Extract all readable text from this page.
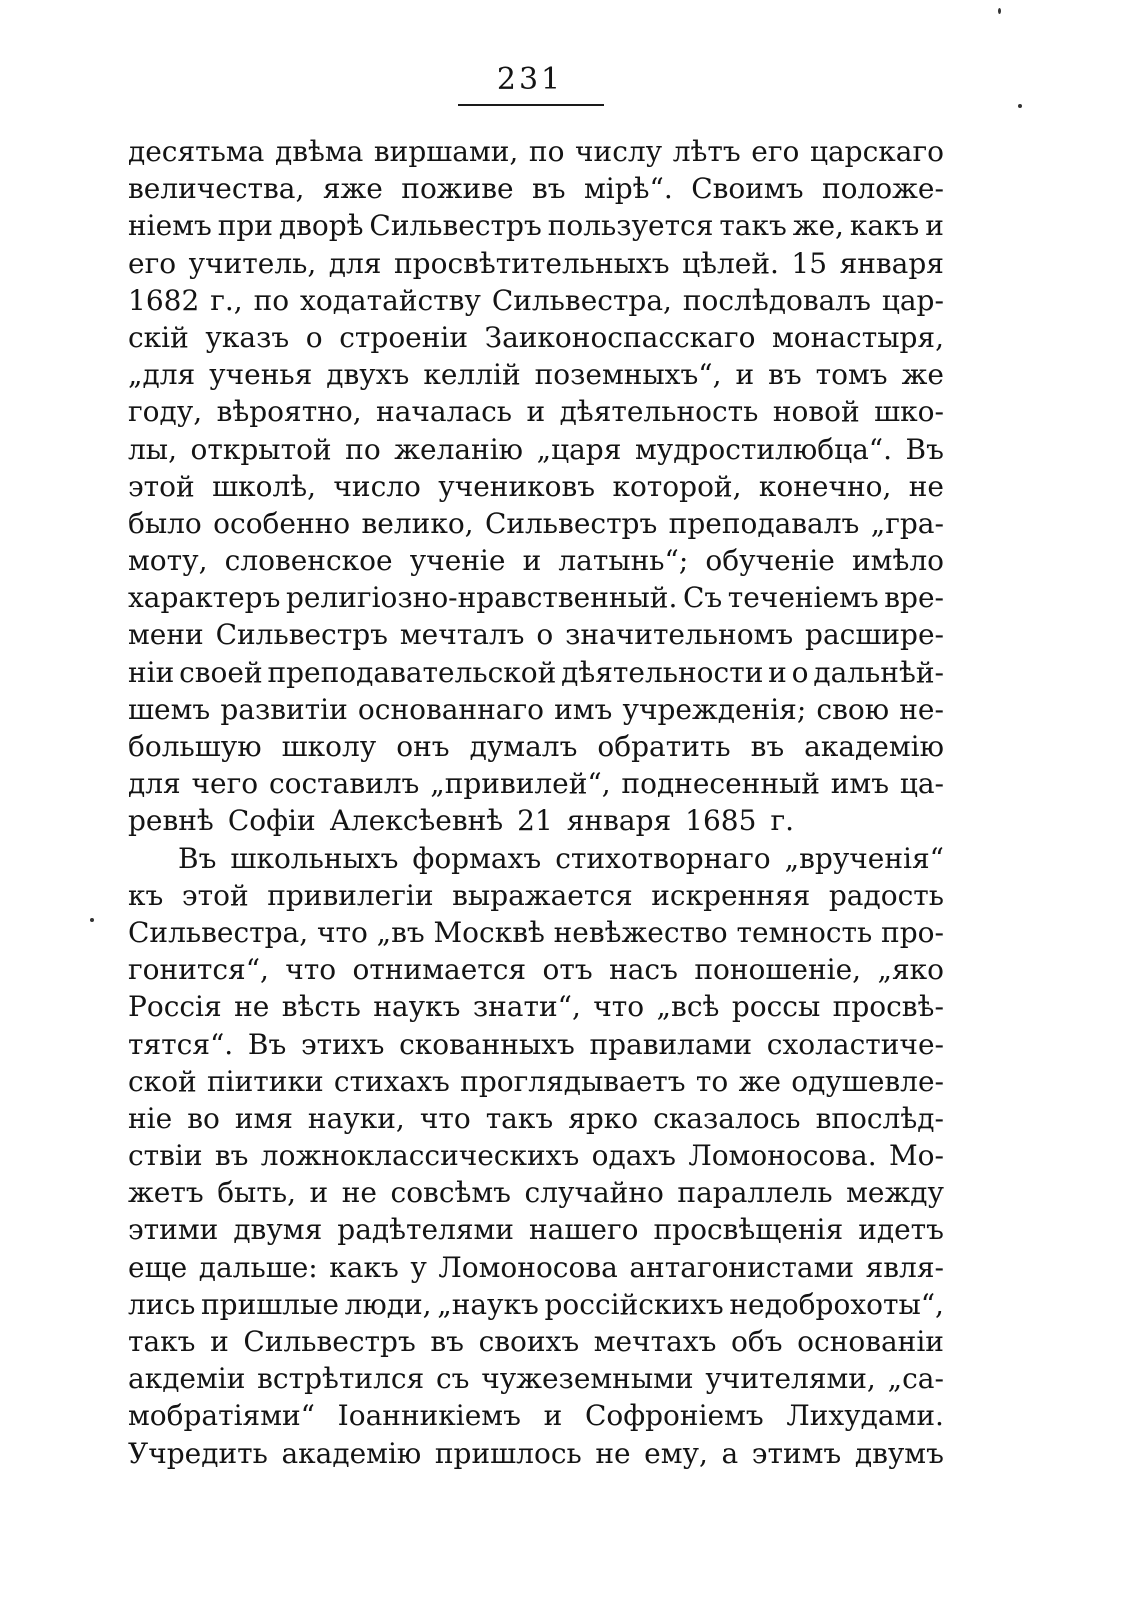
231
десятьма двѣма виршами, по числу лѣтъ его царскаго
величества, яже поживе въ мірѣ“. Своимъ положе-
ніемъ при дворѣ Сильвестръ пользуется такъ же, какъ и
его учитель, для просвѣтительныхъ цѣлей. 15 января
1682 г., по ходатайству Сильвестра, послѣдовалъ цар-
скій указъ о строеніи Заиконоспасскаго монастыря,
„для ученья двухъ келлій поземныхъ“, и въ томъ же
году, вѣроятно, началась и дѣятельность новой шко-
лы, открытой по желанію „царя мудростилюбца“. Въ
этой школѣ, число учениковъ которой, конечно, не
было особенно велико, Сильвестръ преподавалъ „гра-
моту, словенское ученіе и латынь“; обученіе имѣло
характеръ религіозно-нравственный. Съ теченіемъ вре-
мени Сильвестръ мечталъ о значительномъ расшире-
ніи своей преподавательской дѣятельности и о дальнѣй-
шемъ развитіи основаннаго имъ учрежденія; свою не-
большую школу онъ думалъ обратить въ академію
для чего составилъ „привилей“, поднесенный имъ ца-
ревнѣ Софіи Алексѣевнѣ 21 января 1685 г.
Въ школьныхъ формахъ стихотворнаго „врученія“
къ этой привилегіи выражается искренняя радость
Сильвестра, что „въ Москвѣ невѣжество темность про-
гонится“, что отнимается отъ насъ поношеніе, „яко
Россія не вѣсть наукъ знати“, что „всѣ россы просвѣ-
тятся“. Въ этихъ скованныхъ правилами схоластиче-
ской піитики стихахъ проглядываетъ то же одушевле-
ніе во имя науки, что такъ ярко сказалось впослѣд-
ствіи въ ложноклассическихъ одахъ Ломоносова. Мо-
жетъ быть, и не совсѣмъ случайно параллель между
этими двумя радѣтелями нашего просвѣщенія идетъ
еще дальше: какъ у Ломоносова антагонистами явля-
лись пришлые люди, „наукъ россійскихъ недоброхоты“,
такъ и Сильвестръ въ своихъ мечтахъ объ основаніи
акдеміи встрѣтился съ чужеземными учителями, „са-
мобратіями“ Іоанникіемъ и Софроніемъ Лихудами.
Учредить академію пришлось не ему, а этимъ двумъ
